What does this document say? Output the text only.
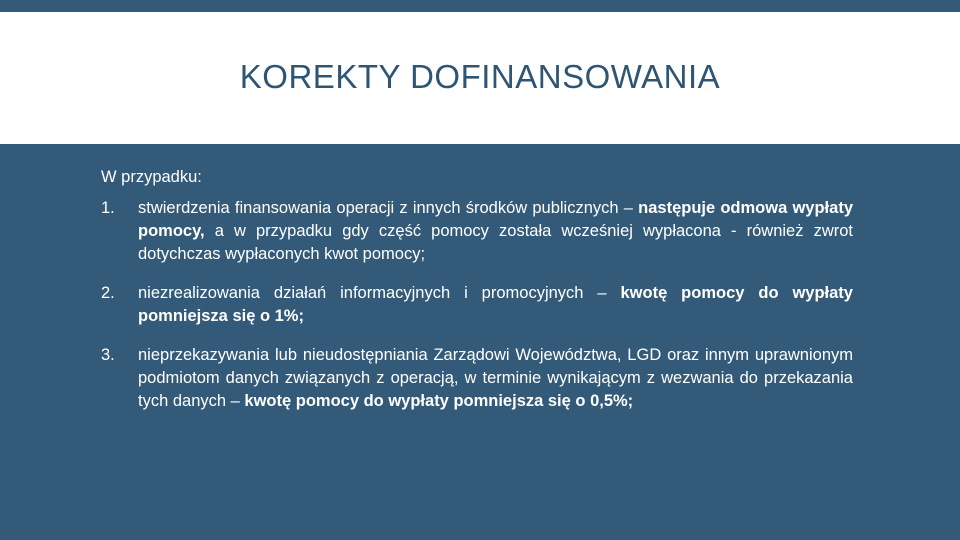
KOREKTY DOFINANSOWANIA

W przypadku:

1. stwierdzenia finansowania operacji z innych środków publicznych – następuje odmowa wypłaty pomocy, a w przypadku gdy część pomocy została wcześniej wypłacona - również zwrot dotychczas wypłaconych kwot pomocy;

2. niezrealizowania działań informacyjnych i promocyjnych – kwotę pomocy do wypłaty pomniejsza się o 1%;

3. nieprzekazywania lub nieudostępniania Zarządowi Województwa, LGD oraz innym uprawnionym podmiotom danych związanych z operacją, w terminie wynikającym z wezwania do przekazania tych danych – kwotę pomocy do wypłaty pomniejsza się o 0,5%;
